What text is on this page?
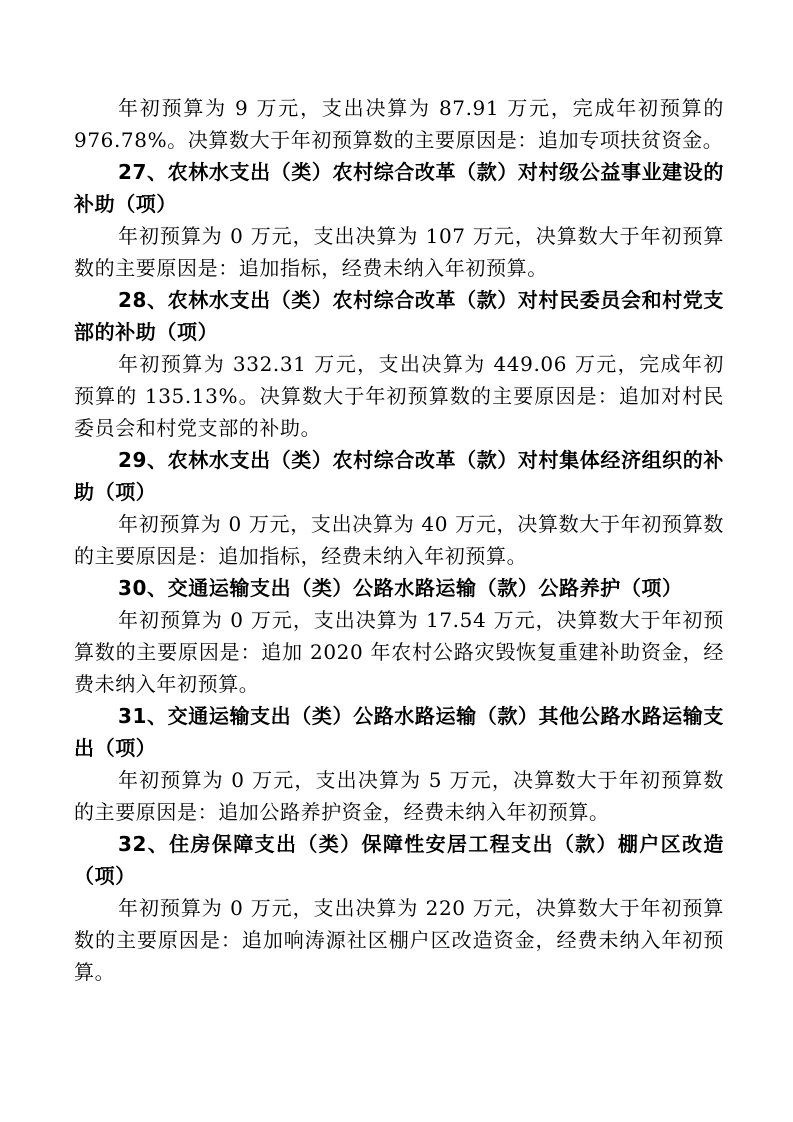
年初预算为 9 万元，支出决算为 87.91 万元，完成年初预算的 976.78%。决算数大于年初预算数的主要原因是：追加专项扶贫资金。

27、农林水支出（类）农村综合改革（款）对村级公益事业建设的补助（项）

年初预算为 0 万元，支出决算为 107 万元，决算数大于年初预算数的主要原因是：追加指标，经费未纳入年初预算。

28、农林水支出（类）农村综合改革（款）对村民委员会和村党支部的补助（项）

年初预算为 332.31 万元，支出决算为 449.06 万元，完成年初预算的 135.13%。决算数大于年初预算数的主要原因是：追加对村民委员会和村党支部的补助。

29、农林水支出（类）农村综合改革（款）对村集体经济组织的补助（项）

年初预算为 0 万元，支出决算为 40 万元，决算数大于年初预算数的主要原因是：追加指标，经费未纳入年初预算。

30、交通运输支出（类）公路水路运输（款）公路养护（项）

年初预算为 0 万元，支出决算为 17.54 万元，决算数大于年初预算数的主要原因是：追加 2020 年农村公路灾毁恢复重建补助资金，经费未纳入年初预算。

31、交通运输支出（类）公路水路运输（款）其他公路水路运输支出（项）

年初预算为 0 万元，支出决算为 5 万元，决算数大于年初预算数的主要原因是：追加公路养护资金，经费未纳入年初预算。

32、住房保障支出（类）保障性安居工程支出（款）棚户区改造（项）

年初预算为 0 万元，支出决算为 220 万元，决算数大于年初预算数的主要原因是：追加响涛源社区棚户区改造资金，经费未纳入年初预算。
